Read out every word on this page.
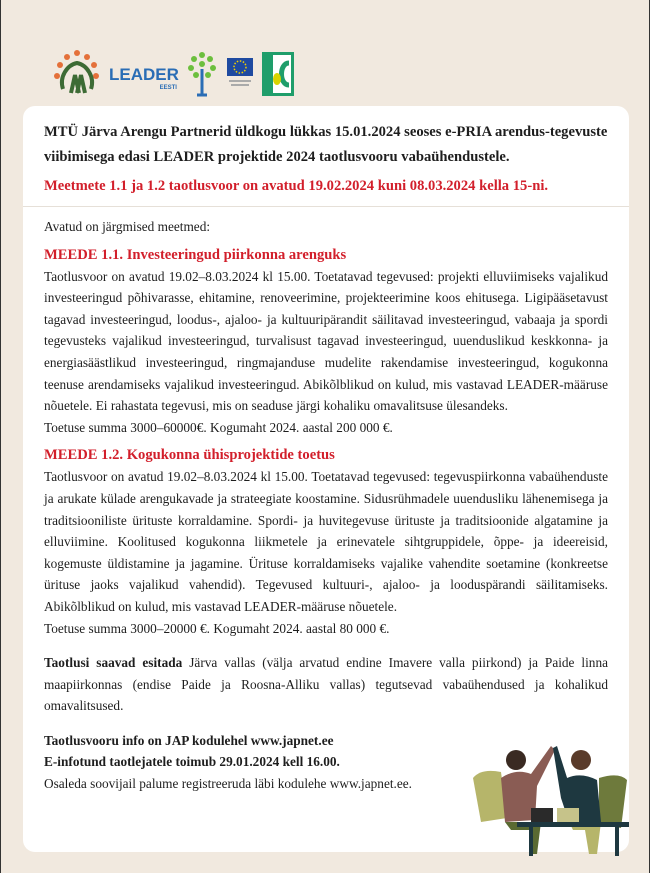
LEADER
EESTI

MTÜ Järva Arengu Partnerid üldkogu lükkas 15.01.2024 seoses e-PRIA arendus-tegevuste viibimisega edasi LEADER projektide 2024 taotlusvooru vabaühendustele.

Meetmete 1.1 ja 1.2 taotlusvoor on avatud 19.02.2024 kuni 08.03.2024 kella 15-ni.

Avatud on järgmised meetmed:

MEEDE 1.1. Investeeringud piirkonna arenguks

Taotlusvoor on avatud 19.02–8.03.2024 kl 15.00. Toetatavad tegevused: projekti elluviimiseks vajalikud investeeringud põhivarasse, ehitamine, renoveerimine, projekteerimine koos ehitusega. Ligipääsetavust tagavad investeeringud, loodus-, ajaloo- ja kultuuripärandit säilitavad investeeringud, vabaaja ja spordi tegevusteks vajalikud investeeringud, turvalisust tagavad investeeringud, uuenduslikud keskkonna- ja energiasäästlikud investeeringud, ringmajanduse mudelite rakendamise investeeringud, kogukonna teenuse arendamiseks vajalikud investeeringud. Abikõlblikud on kulud, mis vastavad LEADER-määruse nõuetele. Ei rahastata tegevusi, mis on seaduse järgi kohaliku omavalitsuse ülesandeks.

Toetuse summa 3000–60000€. Kogumaht 2024. aastal 200 000 €.

MEEDE 1.2. Kogukonna ühisprojektide toetus

Taotlusvoor on avatud 19.02–8.03.2024 kl 15.00. Toetatavad tegevused: tegevuspiirkonna vabaühenduste ja arukate külade arengukavade ja strateegiate koostamine. Sidusrühmadele uuendusliku lähenemisega ja traditsiooniliste ürituste korraldamine. Spordi- ja huvitegevuse ürituste ja traditsioonide algatamine ja elluviimine. Koolitused kogukonna liikmetele ja erinevatele sihtgruppidele, õppe- ja ideereisid, kogemuste üldistamine ja jagamine. Ürituse korraldamiseks vajalike vahendite soetamine (konkreetse ürituse jaoks vajalikud vahendid). Tegevused kultuuri-, ajaloo- ja looduspärandi säilitamiseks. Abikõlblikud on kulud, mis vastavad LEADER-määruse nõuetele.

Toetuse summa 3000–20000 €. Kogumaht 2024. aastal 80 000 €.

Taotlusi saavad esitada Järva vallas (välja arvatud endine Imavere valla piirkond) ja Paide linna maapiirkonnas (endise Paide ja Roosna-Alliku vallas) tegutsevad vabaühendused ja kohalikud omavalitsused.

Taotlusvooru info on JAP kodulehel www.japnet.ee

E-infotund taotlejatele toimub 29.01.2024 kell 16.00.

Osaleda soovijail palume registreeruda läbi kodulehe www.japnet.ee.
